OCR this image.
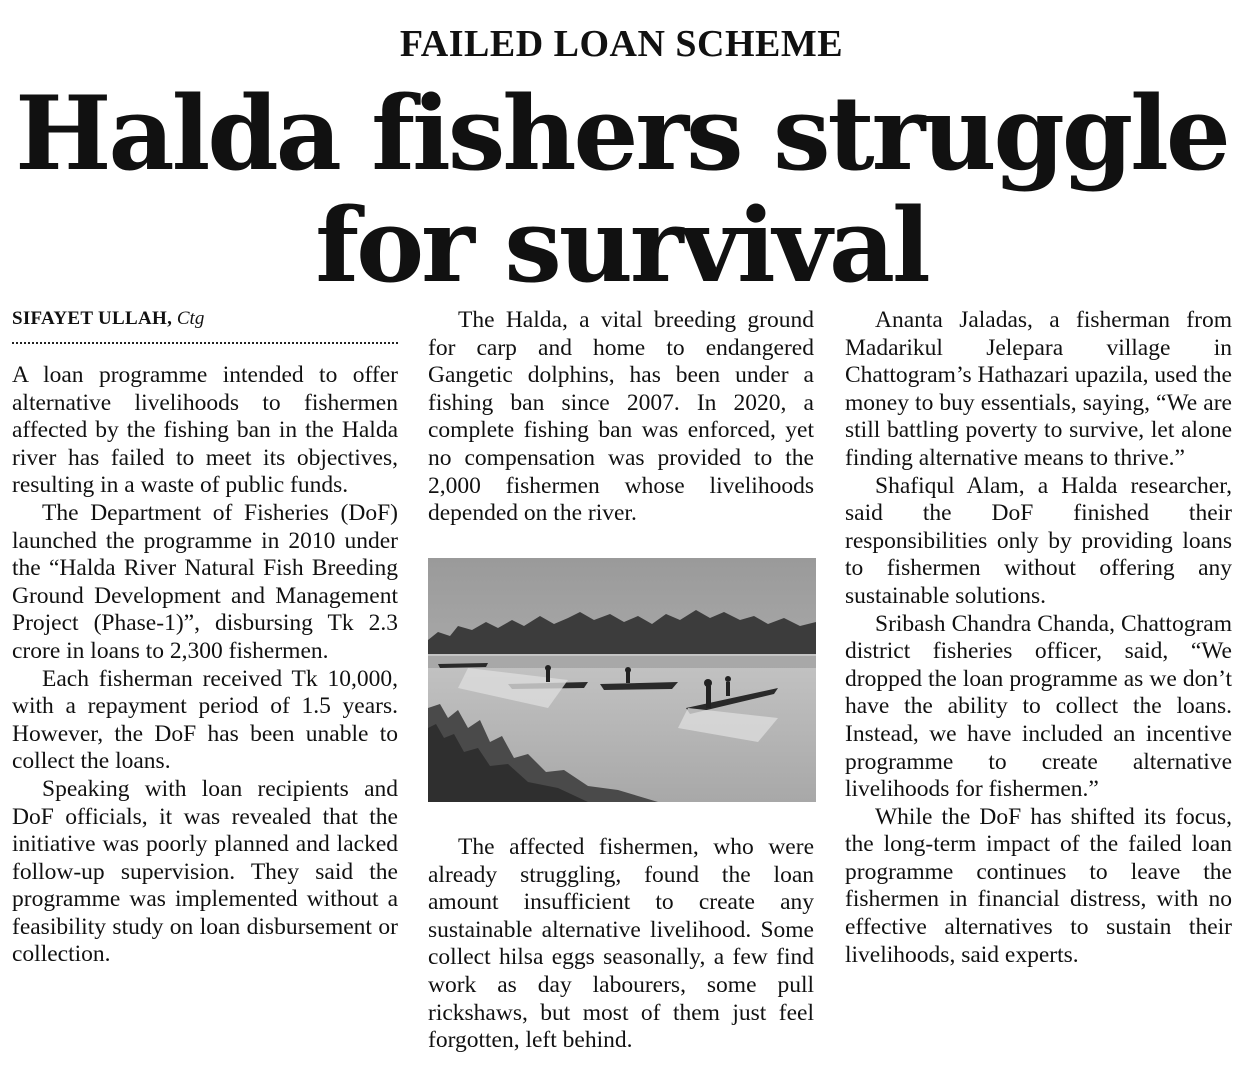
FAILED LOAN SCHEME
Halda fishers struggle
for survival
SIFAYET ULLAH, Ctg

A loan programme intended to offer alternative livelihoods to fishermen affected by the fishing ban in the Halda river has failed to meet its objectives, resulting in a waste of public funds.

The Department of Fisheries (DoF) launched the programme in 2010 under the “Halda River Natural Fish Breeding Ground Development and Management Project (Phase-1)”, disbursing Tk 2.3 crore in loans to 2,300 fishermen.

Each fisherman received Tk 10,000, with a repayment period of 1.5 years. However, the DoF has been unable to collect the loans.

Speaking with loan recipients and DoF officials, it was revealed that the initiative was poorly planned and lacked follow-up supervision. They said the programme was implemented without a feasibility study on loan disbursement or collection.

The Halda, a vital breeding ground for carp and home to endangered Gangetic dolphins, has been under a fishing ban since 2007. In 2020, a complete fishing ban was enforced, yet no compensation was provided to the 2,000 fishermen whose livelihoods depended on the river.

The affected fishermen, who were already struggling, found the loan amount insufficient to create any sustainable alternative livelihood. Some collect hilsa eggs seasonally, a few find work as day labourers, some pull rickshaws, but most of them just feel forgotten, left behind.

Ananta Jaladas, a fisherman from Madarikul Jelepara village in Chattogram’s Hathazari upazila, used the money to buy essentials, saying, “We are still battling poverty to survive, let alone finding alternative means to thrive.”

Shafiqul Alam, a Halda researcher, said the DoF finished their responsibilities only by providing loans to fishermen without offering any sustainable solutions.

Sribash Chandra Chanda, Chattogram district fisheries officer, said, “We dropped the loan programme as we don’t have the ability to collect the loans. Instead, we have included an incentive programme to create alternative livelihoods for fishermen.”

While the DoF has shifted its focus, the long-term impact of the failed loan programme continues to leave the fishermen in financial distress, with no effective alternatives to sustain their livelihoods, said experts.
